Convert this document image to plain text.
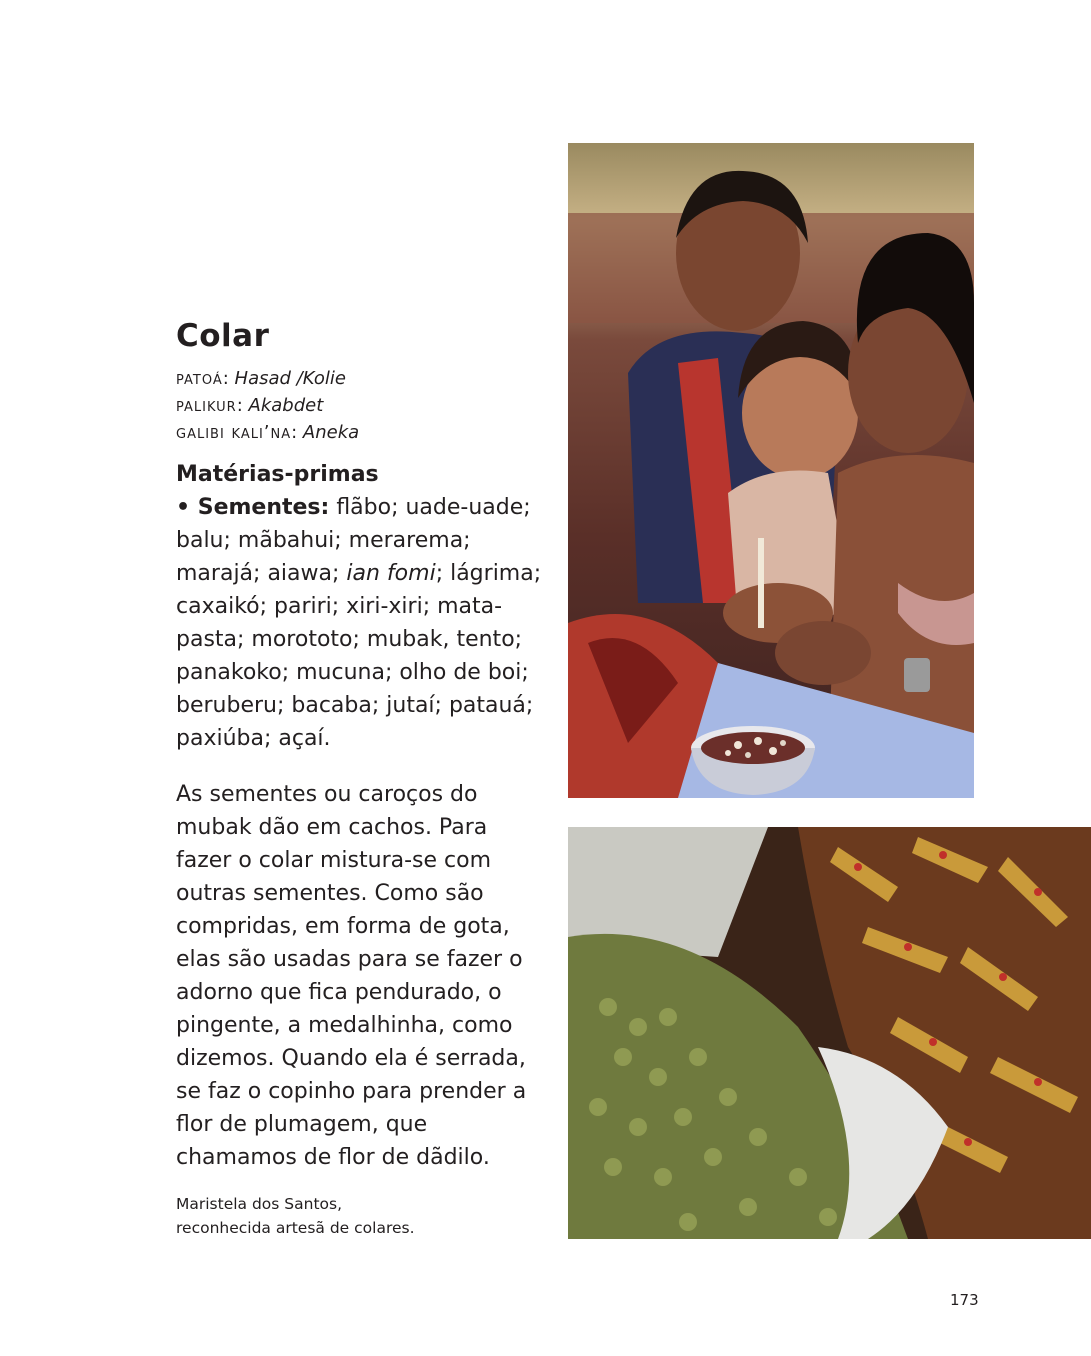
Colar
patoá: Hasad /Kolie
palikur: Akabdet
galibi kali’na: Aneka
Matérias-primas
• Sementes: flãbo; uade-uade; balu; mãbahui; merarema; marajá; aiawa; ian fomi; lágrima; caxaikó; pariri; xiri-xiri; mata-pasta; morototo; mubak, tento; panakoko; mucuna; olho de boi; beruberu; bacaba; jutaí; patauá; paxiúba; açaí.

As sementes ou caroços do mubak dão em cachos. Para fazer o colar mistura-se com outras sementes. Como são compridas, em forma de gota, elas são usadas para se fazer o adorno que fica pendurado, o pingente, a medalhinha, como dizemos. Quando ela é serrada, se faz o copinho para prender a flor de plumagem, que chamamos de flor de dãdilo.

Maristela dos Santos,
reconhecida artesã de colares.
173
